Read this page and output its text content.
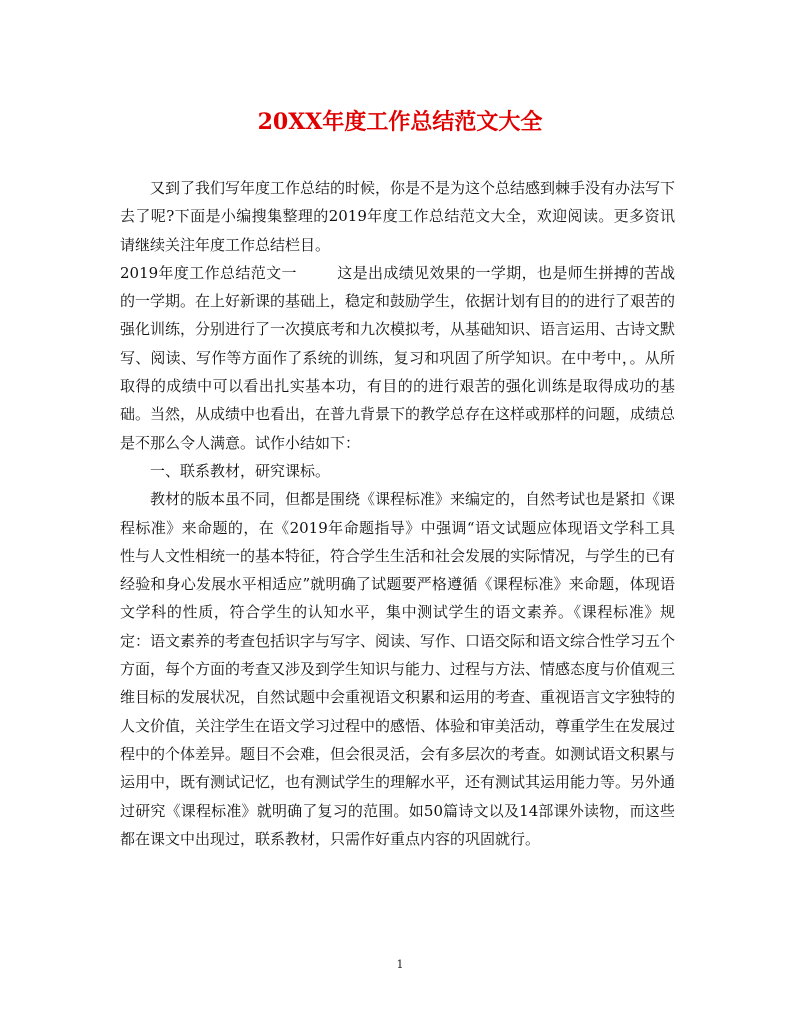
20XX年度工作总结范文大全

又到了我们写年度工作总结的时候，你是不是为这个总结感到棘手没有办法写下去了呢?下面是小编搜集整理的2019年度工作总结范文大全，欢迎阅读。更多资讯请继续关注年度工作总结栏目。

2019年度工作总结范文一	这是出成绩见效果的一学期，也是师生拼搏的苦战的一学期。在上好新课的基础上，稳定和鼓励学生，依据计划有目的的进行了艰苦的强化训练，分别进行了一次摸底考和九次模拟考，从基础知识、语言运用、古诗文默写、阅读、写作等方面作了系统的训练，复习和巩固了所学知识。在中考中，。从所取得的成绩中可以看出扎实基本功，有目的的进行艰苦的强化训练是取得成功的基础。当然，从成绩中也看出，在普九背景下的教学总存在这样或那样的问题，成绩总是不那么令人满意。试作小结如下：

一、联系教材，研究课标。

教材的版本虽不同，但都是围绕《课程标准》来编定的，自然考试也是紧扣《课程标准》来命题的，在《2019年命题指导》中强调“语文试题应体现语文学科工具性与人文性相统一的基本特征，符合学生生活和社会发展的实际情况，与学生的已有经验和身心发展水平相适应”就明确了试题要严格遵循《课程标准》来命题，体现语文学科的性质，符合学生的认知水平，集中测试学生的语文素养。《课程标准》规定：语文素养的考查包括识字与写字、阅读、写作、口语交际和语文综合性学习五个方面，每个方面的考查又涉及到学生知识与能力、过程与方法、情感态度与价值观三维目标的发展状况，自然试题中会重视语文积累和运用的考查、重视语言文字独特的人文价值，关注学生在语文学习过程中的感悟、体验和审美活动，尊重学生在发展过程中的个体差异。题目不会难，但会很灵活，会有多层次的考查。如测试语文积累与运用中，既有测试记忆，也有测试学生的理解水平，还有测试其运用能力等。另外通过研究《课程标准》就明确了复习的范围。如50篇诗文以及14部课外读物，而这些都在课文中出现过，联系教材，只需作好重点内容的巩固就行。

1
